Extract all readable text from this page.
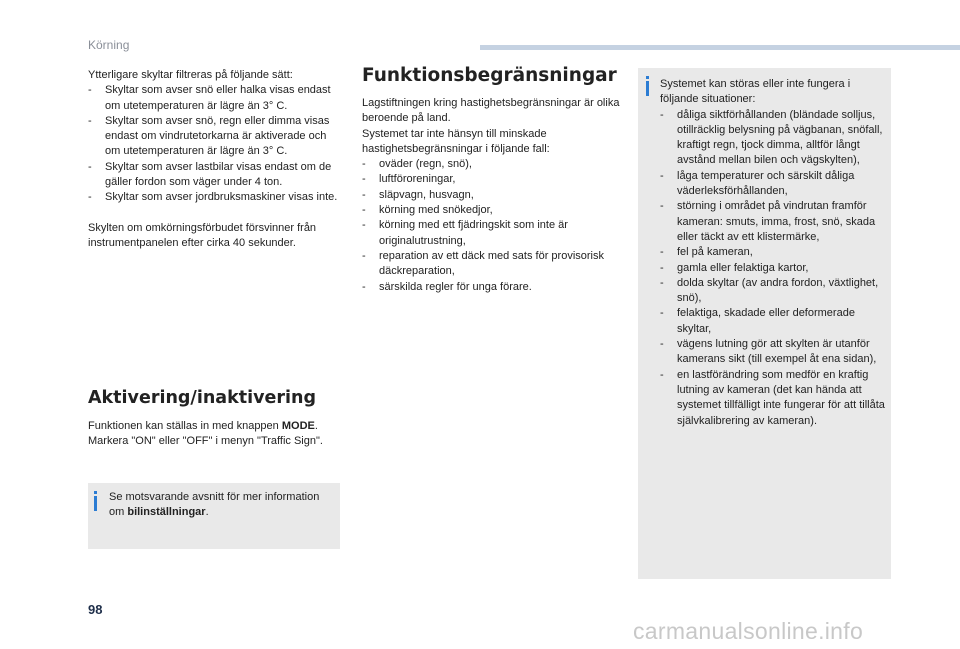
Körning

Ytterligare skyltar filtreras på följande sätt:

- Skyltar som avser snö eller halka visas endast om utetemperaturen är lägre än 3° C.
- Skyltar som avser snö, regn eller dimma visas endast om vindrutetorkarna är aktiverade och om utetemperaturen är lägre än 3° C.
- Skyltar som avser lastbilar visas endast om de gäller fordon som väger under 4 ton.
- Skyltar som avser jordbruksmaskiner visas inte.

Skylten om omkörningsförbudet försvinner från instrumentpanelen efter cirka 40 sekunder.

Aktivering/inaktivering

Funktionen kan ställas in med knappen MODE.

Markera "ON" eller "OFF" i menyn "Traffic Sign".

Se motsvarande avsnitt för mer information om bilinställningar.
Funktionsbegränsningar

Lagstiftningen kring hastighetsbegränsningar är olika beroende på land.

Systemet tar inte hänsyn till minskade hastighetsbegränsningar i följande fall:

- oväder (regn, snö),
- luftföroreningar,
- släpvagn, husvagn,
- körning med snökedjor,
- körning med ett fjädringskit som inte är originalutrustning,
- reparation av ett däck med sats för provisorisk däckreparation,
- särskilda regler för unga förare.

Systemet kan störas eller inte fungera i följande situationer:

- dåliga siktförhållanden (bländade solljus, otillräcklig belysning på vägbanan, snöfall, kraftigt regn, tjock dimma, alltför långt avstånd mellan bilen och vägskylten),
- låga temperaturer och särskilt dåliga väderleksförhållanden,
- störning i området på vindrutan framför kameran: smuts, imma, frost, snö, skada eller täckt av ett klistermärke,
- fel på kameran,
- gamla eller felaktiga kartor,
- dolda skyltar (av andra fordon, växtlighet, snö),
- felaktiga, skadade eller deformerade skyltar,
- vägens lutning gör att skylten är utanför kamerans sikt (till exempel åt ena sidan),
- en lastförändring som medför en kraftig lutning av kameran (det kan hända att systemet tillfälligt inte fungerar för att tillåta självkalibrering av kameran).
98
carmanualsonline.info
